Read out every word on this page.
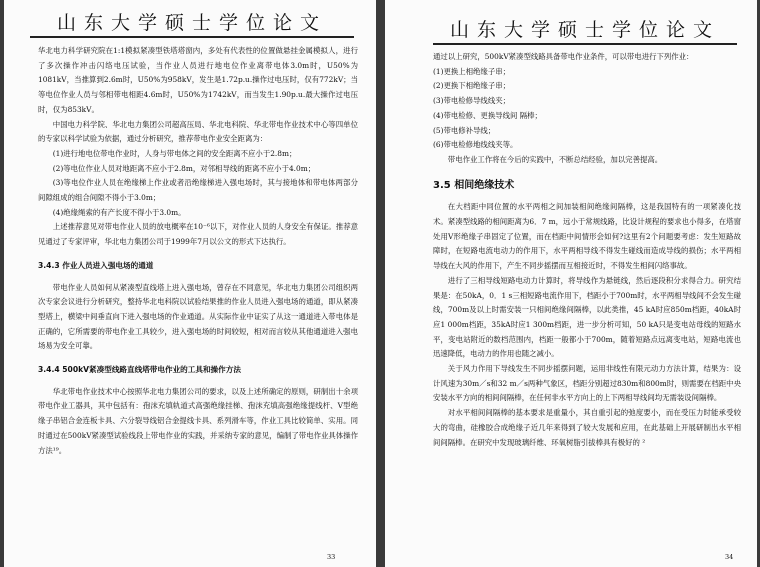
山东大学硕士学位论文

华北电力科学研究院在1:1模拟紧凑型铁塔塔窗内，多处有代表性的位置做悬挂金属模拟人，进行了多次操作冲击闪络电压试验，当作业人员进行地电位作业离带电体3.0m时，U50%为1081kV，当推算到2.6m时，U50%为958kV，发生是1.72p.u.操作过电压时，仅有772kV；当等电位作业人员与邻相带电相距4.6m时，U50%为1742kV，而当发生1.90p.u.最大操作过电压时，仅为853kV。

中国电力科学院、华北电力集团公司超高压局、华北电科院、华北带电作业技术中心等四单位的专家以科学试验为依据，通过分析研究，推荐带电作业安全距离为：

(1)进行地电位带电作业时，人身与带电体之间的安全距离不应小于2.8m；

(2)等电位作业人员对地距离不应小于2.8m，对邻相导线的距离不应小于4.0m；

(3)等电位作业人员在绝缘梯上作业或者沿绝缘梯进入强电场时，其与接地体和带电体两部分间隙组成的组合间隙不得小于3.0m；

(4)绝缘绳索的有产长度不得小于3.0m。

上述推荐意见对带电作业人员的放电概率在10⁻⁶以下，对作业人员的人身安全有保证。推荐意见通过了专家评审，华北电力集团公司于1999年7月以公文的形式下达执行。

3.4.3 作业人员进入强电场的通道

带电作业人员如何从紧凑型直线塔上进入强电场，曾存在不同意见，华北电力集团公司组织两次专家会议进行分析研究，整持华北电科院以试验结果推的作业人员进入强电场的通道，即从紧凑型塔上，横梁中间垂直向下进入强电场的作业通道。从实际作业中证实了从这一通道进入带电体是正确的，它所需要的带电作业工具较少，进入强电场的时间较短，相对而言较从其他通道进入强电场易为安全可靠。

3.4.4 500kV紧凑型线路直线塔带电作业的工具和操作方法

华北带电作业技术中心按照华北电力集团公司的要求，以及上述所确定的原则，研制出十余项带电作业工器具，其中包括有：孢沫充填轨道式高强绝缘挂梯、孢沫充填高强绝缘提线杆、V型绝缘子串铝合金连板卡具、六分裂导线铝合金提线卡具、系列滑车等，作业工具比较简单、实用。同时通过在500kV紧凑型试验线段上带电作业的实践，并采纳专家的意见，编制了带电作业具体操作方法¹⁹。

33
山东大学硕士学位论文

通过以上研究，500kV紧凑型线路具备带电作业条件，可以带电进行下列作业：

(1)更换上相绝缘子串；

(2)更换下相绝缘子串；

(3)带电检修导线线夹；

(4)带电检修、更换导线间 隔棒；

(5)带电修补导线；

(6)带电检修地线线夹等。

带电作业工作将在今后的实践中，不断总结经验，加以完善提高。

3.5 相间绝缘技术

在大档距中同位置的水平两相之间加装相间绝缘间隔棒，这是我国特有的一项紧凑化技术。紧凑型线路的相间距离为6．7 m，远小于常规线路，比设计规程的要求也小得多，在塔窗处用V形绝缘子串固定了位置，而在档距中间情形会如何?这里有2个问题要考虑：发生短路故障时，在短路电流电动力的作用下，水平两相导线不得发生碰线而造成导线的损伤；水平两相导线在大风的作用下，产生不同步摇摆而互相接近时，不得发生相间闪络事故。

进行了三相导线短路电动力计算时，将导线作为悬链线，然后逐段积分求得合力。研究结果是：在50kA，0．1 s三相短路电流作用下，档距小于700m时，水平两相导线间不会发生碰线，700m及以上时需安装一只相间绝缘间隔棒，以此类推，45 kA时应850m档距，40kA时应1 000m档距，35kA时应1 300m档距，进一步分析可知，50 kA只是变电站母线的短路水平，变电站附近的数档范围内，档距一般都小于700m，随着短路点远离变电站，短路电流也迅速降低，电动力的作用也随之减小。

关于风力作用下导线发生不同步摇摆问题，运用非线性有限元动力方法计算，结果为：设计风速为30m／s和32 m／s两种气象区，档距分别超过830m和800m时，则需要在档距中央安装水平方向的相间间隔棒，在任何非水平方向上的上下两相导线间均无需装设间隔棒。

对水平相间间隔棒的基本要求是重量小，其自重引起的弛度要小，而在受压力时能承受较大的弯曲，硅橡胶合成绝缘子近几年来得到了较大发展和应用，在此基础上开展研制出水平相间间隔棒。在研究中发现玻璃纤维、环氧树脂引拔棒具有极好的 ²

34
